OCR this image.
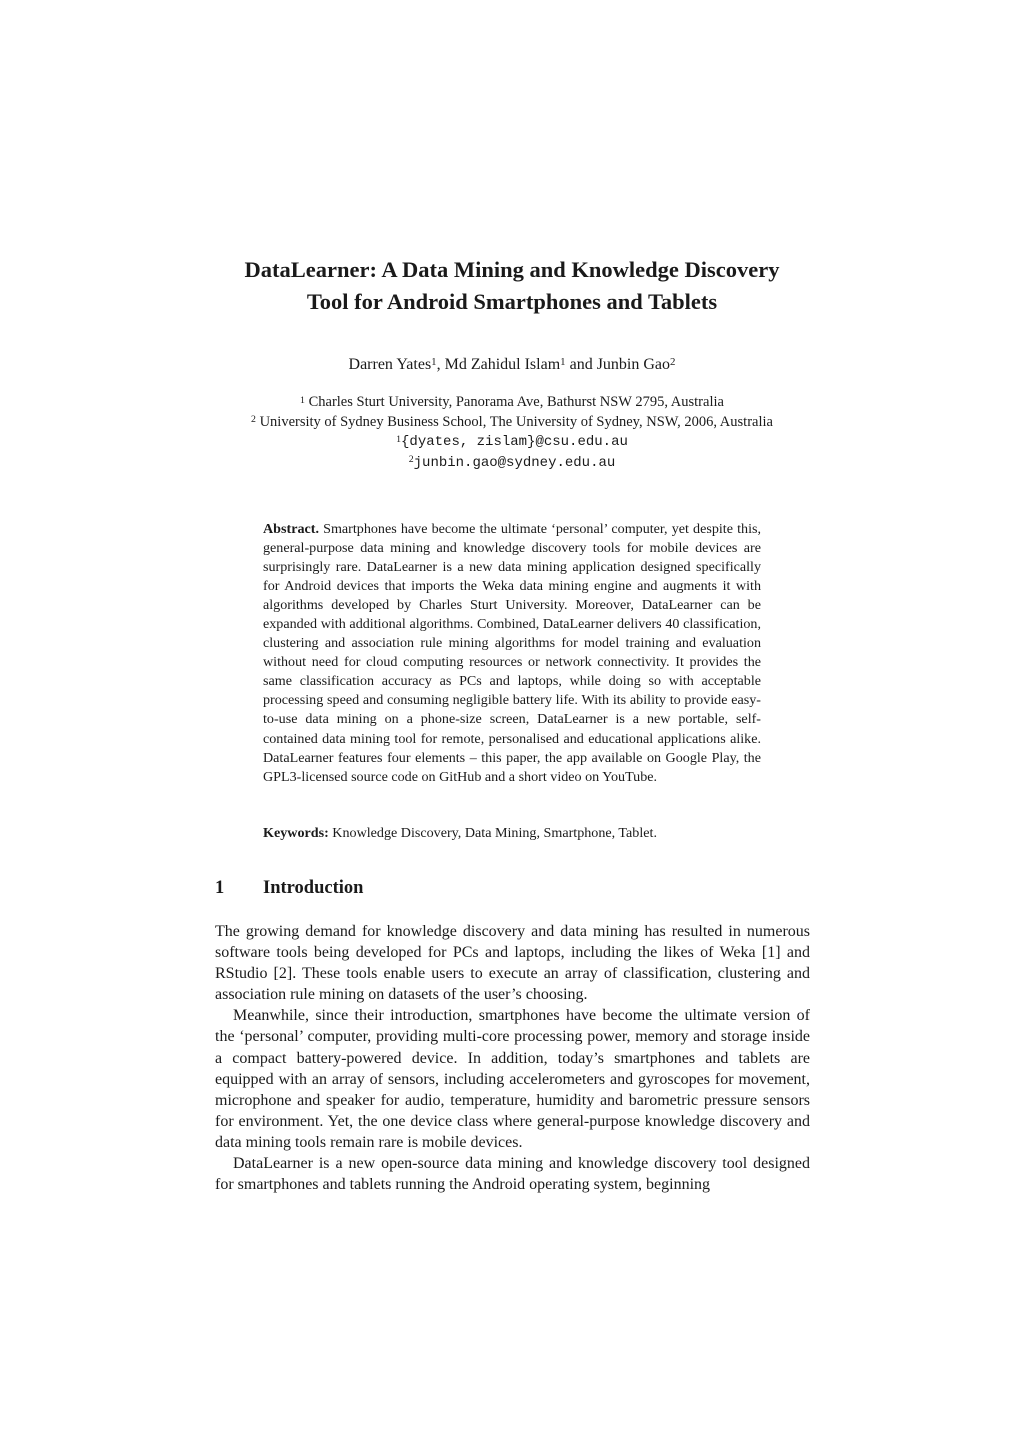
DataLearner: A Data Mining and Knowledge Discovery
Tool for Android Smartphones and Tablets
Darren Yates$^1$, Md Zahidul Islam$^1$ and Junbin Gao$^2$
$^1$ Charles Sturt University, Panorama Ave, Bathurst NSW 2795, Australia
$^2$ University of Sydney Business School, The University of Sydney, NSW, 2006, Australia
$^1${dyates, zislam}@csu.edu.au
$^2$junbin.gao@sydney.edu.au

Abstract. Smartphones have become the ultimate ‘personal’ computer, yet despite this, general-purpose data mining and knowledge discovery tools for mobile devices are surprisingly rare. DataLearner is a new data mining application designed specifically for Android devices that imports the Weka data mining engine and augments it with algorithms developed by Charles Sturt University. Moreover, DataLearner can be expanded with additional algorithms. Combined, DataLearner delivers 40 classification, clustering and association rule mining algorithms for model training and evaluation without need for cloud computing resources or network connectivity. It provides the same classification accuracy as PCs and laptops, while doing so with acceptable processing speed and consuming negligible battery life. With its ability to provide easy-to-use data mining on a phone-size screen, DataLearner is a new portable, self-contained data mining tool for remote, personalised and educational applications alike. DataLearner features four elements – this paper, the app available on Google Play, the GPL3-licensed source code on GitHub and a short video on YouTube.

Keywords: Knowledge Discovery, Data Mining, Smartphone, Tablet.
1 Introduction

The growing demand for knowledge discovery and data mining has resulted in numerous software tools being developed for PCs and laptops, including the likes of Weka [1] and RStudio [2]. These tools enable users to execute an array of classification, clustering and association rule mining on datasets of the user’s choosing.

Meanwhile, since their introduction, smartphones have become the ultimate version of the ‘personal’ computer, providing multi-core processing power, memory and storage inside a compact battery-powered device. In addition, today’s smartphones and tablets are equipped with an array of sensors, including accelerometers and gyroscopes for movement, microphone and speaker for audio, temperature, humidity and barometric pressure sensors for environment. Yet, the one device class where general-purpose knowledge discovery and data mining tools remain rare is mobile devices.

DataLearner is a new open-source data mining and knowledge discovery tool designed for smartphones and tablets running the Android operating system, beginning
